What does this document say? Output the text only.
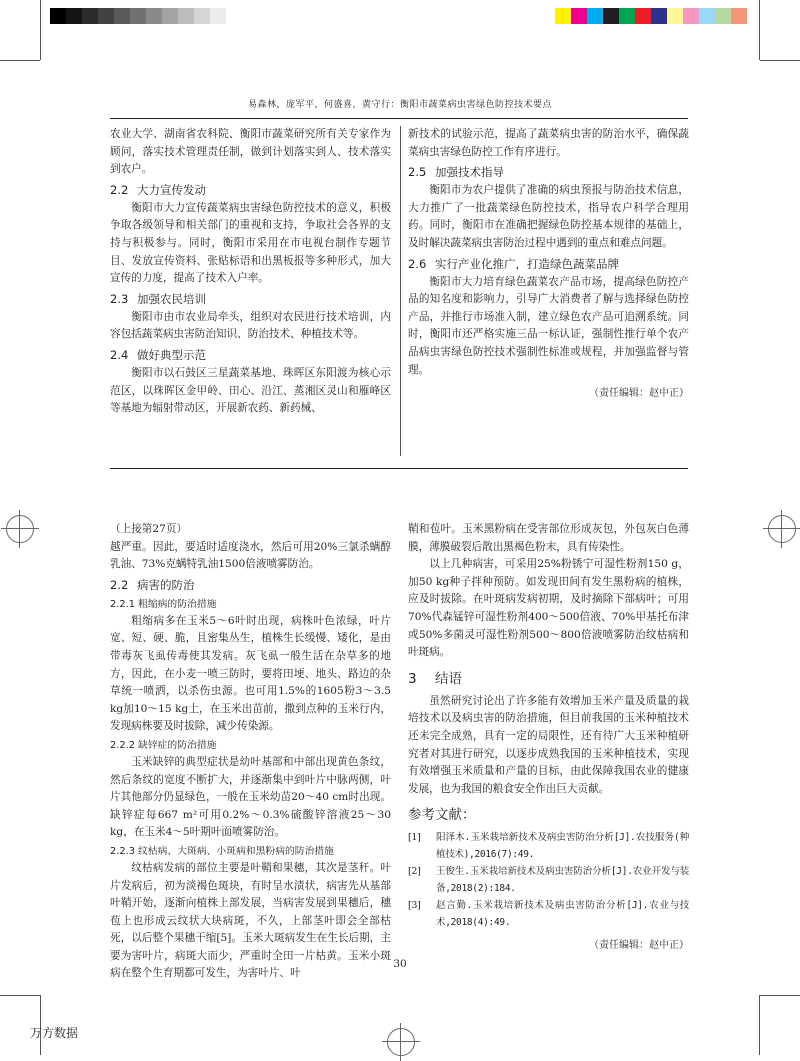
易森林，庞军平，何盛喜，黄守行：衡阳市蔬菜病虫害绿色防控技术要点

农业大学、湖南省农科院、衡阳市蔬菜研究所有关专家作为顾问，落实技术管理责任制，做到计划落实到人、技术落实到农户。

2.2 大力宣传发动

衡阳市大力宣传蔬菜病虫害绿色防控技术的意义，积极争取各级领导和相关部门的重视和支持，争取社会各界的支持与积极参与。同时，衡阳市采用在市电视台制作专题节目、发放宣传资料、张贴标语和出黑板报等多种形式，加大宣传的力度，提高了技术入户率。

2.3 加强农民培训

衡阳市由市农业局牵头，组织对农民进行技术培训，内容包括蔬菜病虫害防治知识、防治技术、种植技术等。

2.4 做好典型示范

衡阳市以石鼓区三星蔬菜基地、珠晖区东阳渡为核心示范区，以珠晖区金甲岭、田心、沿江、蒸湘区灵山和雁峰区等基地为辐射带动区，开展新农药、新药械、

新技术的试验示范，提高了蔬菜病虫害的防治水平，确保蔬菜病虫害绿色防控工作有序进行。

2.5 加强技术指导

衡阳市为农户提供了准确的病虫预报与防治技术信息，大力推广了一批蔬菜绿色防控技术，指导农户科学合理用药。同时，衡阳市在准确把握绿色防控基本规律的基础上，及时解决蔬菜病虫害防治过程中遇到的重点和难点问题。

2.6 实行产业化推广，打造绿色蔬菜品牌

衡阳市大力培育绿色蔬菜农产品市场，提高绿色防控产品的知名度和影响力，引导广大消费者了解与选择绿色防控产品，并推行市场准入制，建立绿色农产品可追溯系统。同时，衡阳市还严格实施三品一标认证，强制性推行单个农产品病虫害绿色防控技术强制性标准或规程，并加强监督与管理。

（责任编辑：赵中正）

（上接第27页）

越严重。因此，要适时适度浇水，然后可用20%三氯杀螨醇乳油、73%克螨特乳油1500倍液喷雾防治。

2.2 病害的防治
2.2.1 粗缩病的防治措施

粗缩病多在玉米5～6叶时出现，病株叶色浓绿，叶片宽、短、硬、脆，且密集丛生，植株生长缓慢、矮化，是由带毒灰飞虱传毒使其发病。灰飞虱一般生活在杂草多的地方，因此，在小麦一喷三防时，要将田埂、地头、路边的杂草统一喷洒，以杀伤虫源。也可用1.5%的1605粉3～3.5 kg加10～15 kg土，在玉米出苗前，撒到点种的玉米行内，发现病株要及时拔除，减少传染源。

2.2.2 缺锌症的防治措施

玉米缺锌的典型症状是幼叶基部和中部出现黄色条纹，然后条纹的宽度不断扩大，并逐渐集中到叶片中脉两侧，叶片其他部分仍显绿色，一般在玉米幼苗20～40 cm时出现。缺锌症每667 m²可用0.2%～0.3%硫酸锌溶液25～30 kg，在玉米4～5叶期叶面喷雾防治。

2.2.3 纹枯病、大斑病、小斑病和黑粉病的防治措施

纹枯病发病的部位主要是叶鞘和果穗，其次是茎秆。叶片发病后，初为淡褐色斑块，有时呈水渍状，病害先从基部叶鞘开始，逐渐向植株上部发展，当病害发展到果穗后，穗苞上也形成云纹状大块病斑，不久，上部茎叶即会全部枯死，以后整个果穗干缩[5]。玉米大斑病发生在生长后期，主要为害叶片，病斑大而少，严重时全田一片枯黄。玉米小斑病在整个生育期都可发生，为害叶片、叶

鞘和苞叶。玉米黑粉病在受害部位形成灰包，外包灰白色薄膜，薄膜破裂后散出黑褐色粉末，具有传染性。

以上几种病害，可采用25%粉锈宁可湿性粉剂150 g，加50 kg种子拌种预防。如发现田间有发生黑粉病的植株，应及时拔除。在叶斑病发病初期，及时摘除下部病叶；可用70%代森锰锌可湿性粉剂400～500倍液、70%甲基托布津或50%多菌灵可湿性粉剂500～800倍液喷雾防治纹枯病和叶斑病。

3 结语

虽然研究讨论出了许多能有效增加玉米产量及质量的栽培技术以及病虫害的防治措施，但目前我国的玉米种植技术还未完全成熟，具有一定的局限性，还有待广大玉米种植研究者对其进行研究，以逐步成熟我国的玉米种植技术，实现有效增强玉米质量和产量的目标，由此保障我国农业的健康发展，也为我国的粮食安全作出巨大贡献。

参考文献：
[1]	阳泽木.玉米栽培新技术及病虫害防治分析[J].农技服务(种植技术),2016(7):49.
[2]	王俊生.玉米栽培新技术及病虫害防治分析[J].农业开发与装备,2018(2):184.
[3]	赵言勤.玉米栽培新技术及病虫害防治分析[J].农业与技术,2018(4):49.
（责任编辑：赵中正）
30
万方数据
